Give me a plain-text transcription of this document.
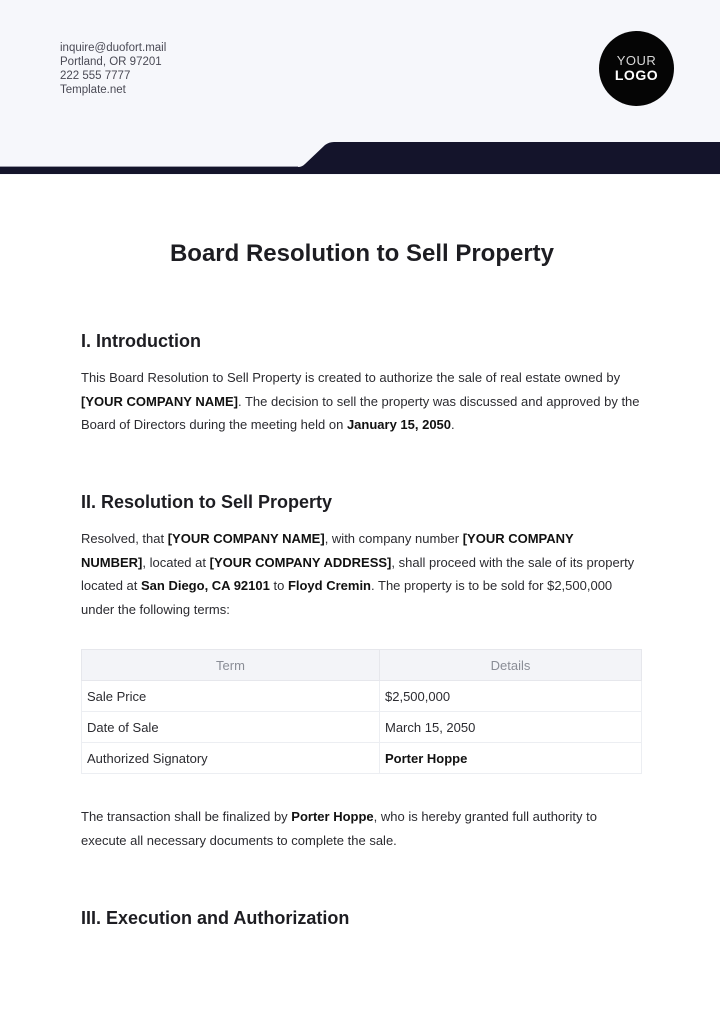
inquire@duofort.mail
Portland, OR 97201
222 555 7777
Template.net
YOUR
LOGO
Board Resolution to Sell Property
I. Introduction
This Board Resolution to Sell Property is created to authorize the sale of real estate owned by [YOUR COMPANY NAME]. The decision to sell the property was discussed and approved by the Board of Directors during the meeting held on January 15, 2050.
II. Resolution to Sell Property
Resolved, that [YOUR COMPANY NAME], with company number [YOUR COMPANY NUMBER], located at [YOUR COMPANY ADDRESS], shall proceed with the sale of its property located at San Diego, CA 92101 to Floyd Cremin. The property is to be sold for $2,500,000 under the following terms:
Term	Details
Sale Price	$2,500,000
Date of Sale	March 15, 2050
Authorized Signatory	Porter Hoppe
The transaction shall be finalized by Porter Hoppe, who is hereby granted full authority to execute all necessary documents to complete the sale.
III. Execution and Authorization
